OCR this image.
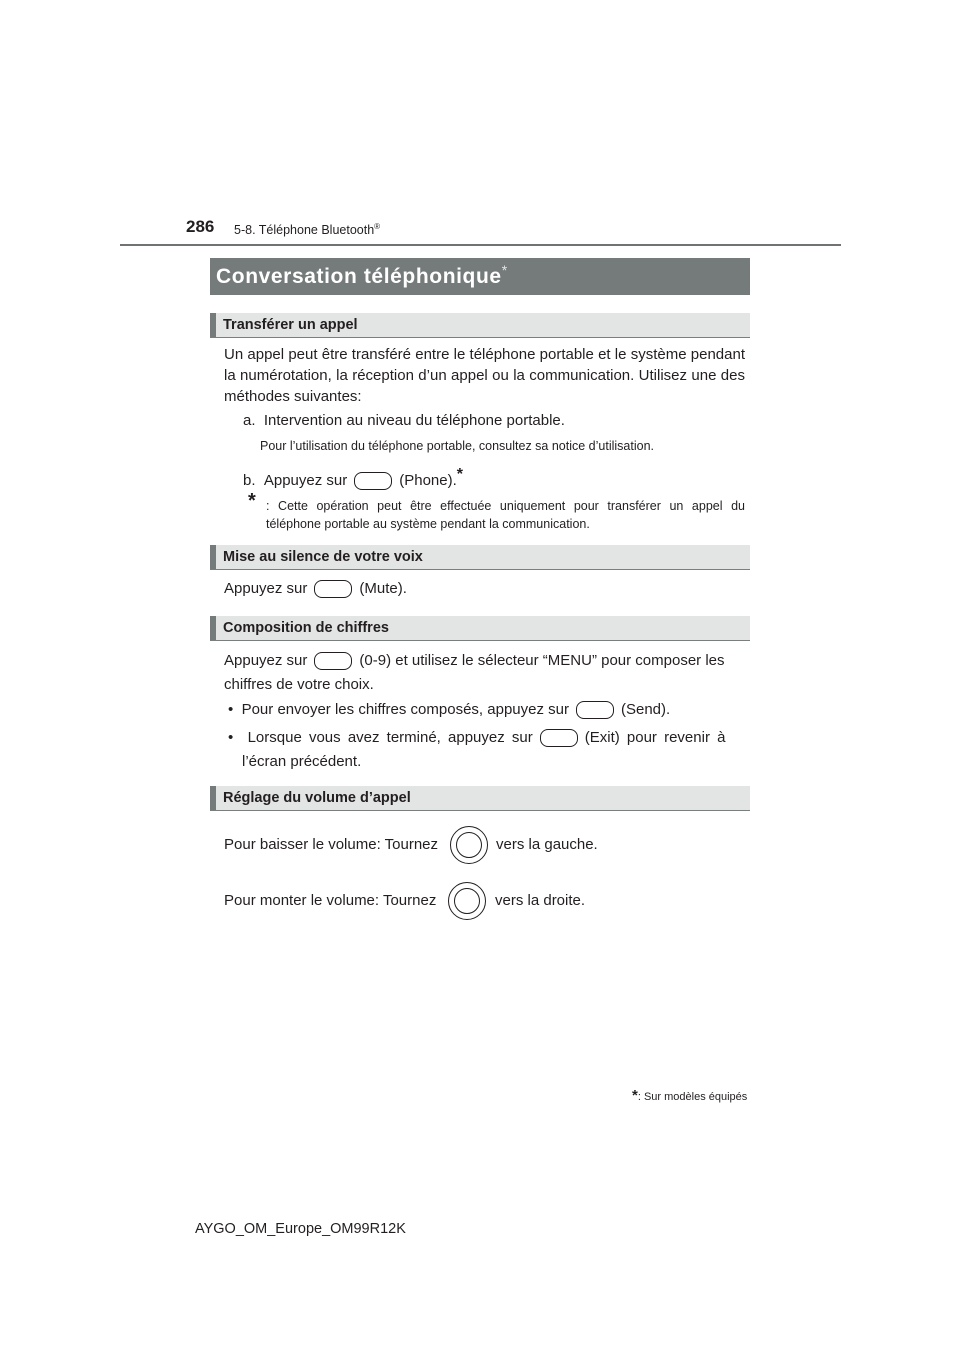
286 5-8. Téléphone Bluetooth®
Conversation téléphonique*
Transférer un appel
Un appel peut être transféré entre le téléphone portable et le système pendant la numérotation, la réception d’un appel ou la communication. Utilisez une des méthodes suivantes:
a.  Intervention au niveau du téléphone portable.
Pour l’utilisation du téléphone portable, consultez sa notice d’utilisation.
b.  Appuyez sur	(Phone).*
* : Cette opération peut être effectuée uniquement pour transférer un appel du téléphone portable au système pendant la communication.
Mise au silence de votre voix
Appuyez sur	(Mute).
Composition de chiffres
Appuyez sur	(0-9) et utilisez le sélecteur “MENU” pour composer les
chiffres de votre choix.
•  Pour envoyer les chiffres composés, appuyez sur	(Send).
•  Lorsque vous avez terminé, appuyez sur	(Exit) pour revenir à
l’écran précédent.
Réglage du volume d’appel
Pour baisser le volume: Tournez	vers la gauche.
Pour monter le volume: Tournez	vers la droite.
*: Sur modèles équipés
AYGO_OM_Europe_OM99R12K
